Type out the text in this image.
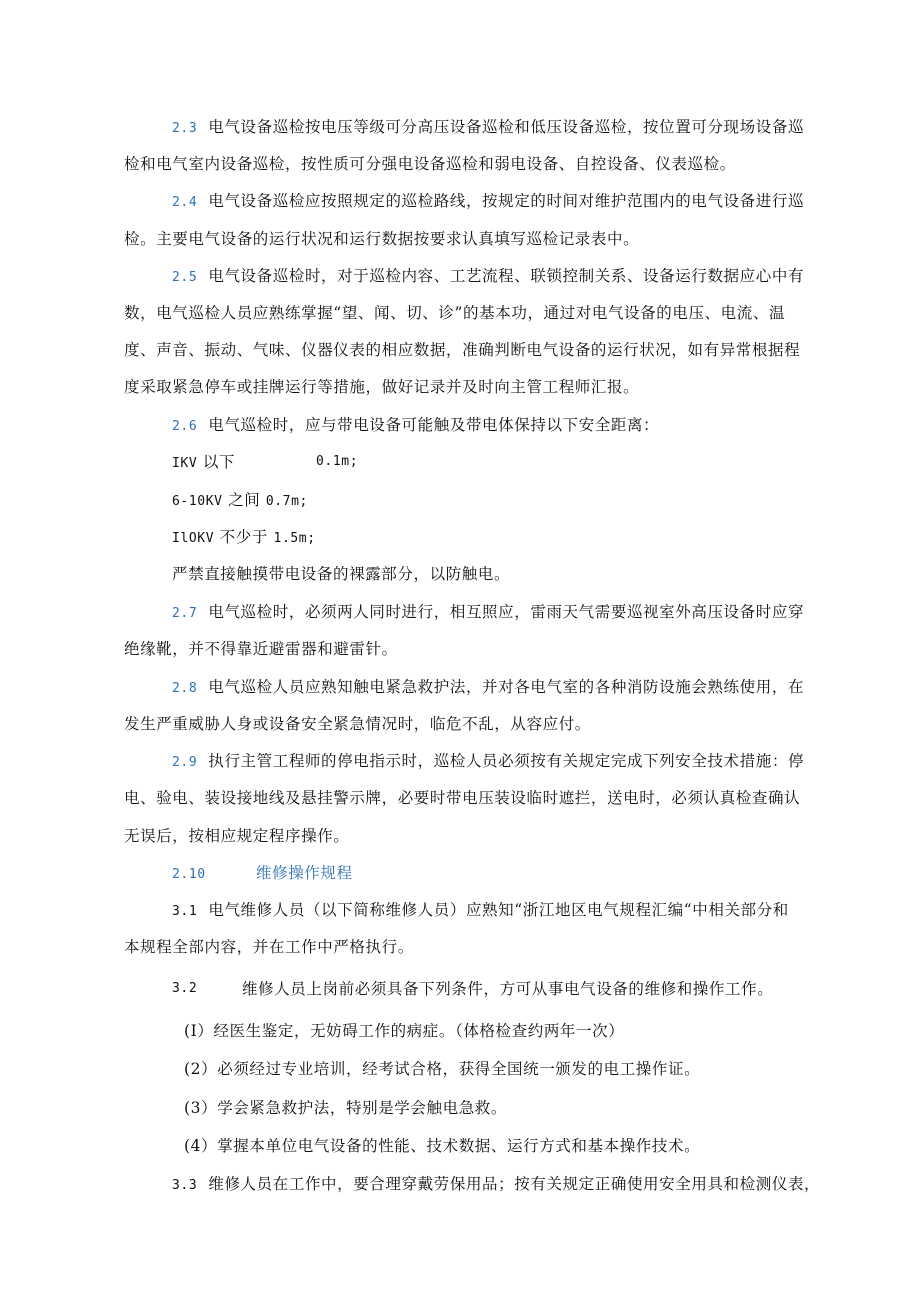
2.3 电气设备巡检按电压等级可分高压设备巡检和低压设备巡检，按位置可分现场设备巡
检和电气室内设备巡检，按性质可分强电设备巡检和弱电设备、自控设备、仪表巡检。
2.4 电气设备巡检应按照规定的巡检路线，按规定的时间对维护范围内的电气设备进行巡
检。主要电气设备的运行状况和运行数据按要求认真填写巡检记录表中。
2.5 电气设备巡检时，对于巡检内容、工艺流程、联锁控制关系、设备运行数据应心中有
数，电气巡检人员应熟练掌握“望、闻、切、诊”的基本功，通过对电气设备的电压、电流、温
度、声音、振动、气味、仪器仪表的相应数据，准确判断电气设备的运行状况，如有异常根据程
度采取紧急停车或挂牌运行等措施，做好记录并及时向主管工程师汇报。
2.6 电气巡检时，应与带电设备可能触及带电体保持以下安全距离：
IKV 以下	0.1m;
6-10KV 之间 0.7m;
IlOKV 不少于 1.5m;
严禁直接触摸带电设备的裸露部分，以防触电。
2.7 电气巡检时，必须两人同时进行，相互照应，雷雨天气需要巡视室外高压设备时应穿
绝缘靴，并不得靠近避雷器和避雷针。
2.8 电气巡检人员应熟知触电紧急救护法，并对各电气室的各种消防设施会熟练使用，在
发生严重威胁人身或设备安全紧急情况时，临危不乱，从容应付。
2.9 执行主管工程师的停电指示时，巡检人员必须按有关规定完成下列安全技术措施：停
电、验电、装设接地线及悬挂警示牌，必要时带电压装设临时遮拦，送电时，必须认真检查确认
无误后，按相应规定程序操作。
2.10	维修操作规程
3.1 电气维修人员（以下简称维修人员）应熟知“浙江地区电气规程汇编“中相关部分和
本规程全部内容，并在工作中严格执行。
3.2	维修人员上岗前必须具备下列条件，方可从事电气设备的维修和操作工作。
(I）经医生鉴定，无妨碍工作的病症。（体格检查约两年一次）
(2）必须经过专业培训，经考试合格，获得全国统一颁发的电工操作证。
(3）学会紧急救护法，特别是学会触电急救。
(4）掌握本单位电气设备的性能、技术数据、运行方式和基本操作技术。
3.3 维修人员在工作中，要合理穿戴劳保用品；按有关规定正确使用安全用具和检测仪表，
